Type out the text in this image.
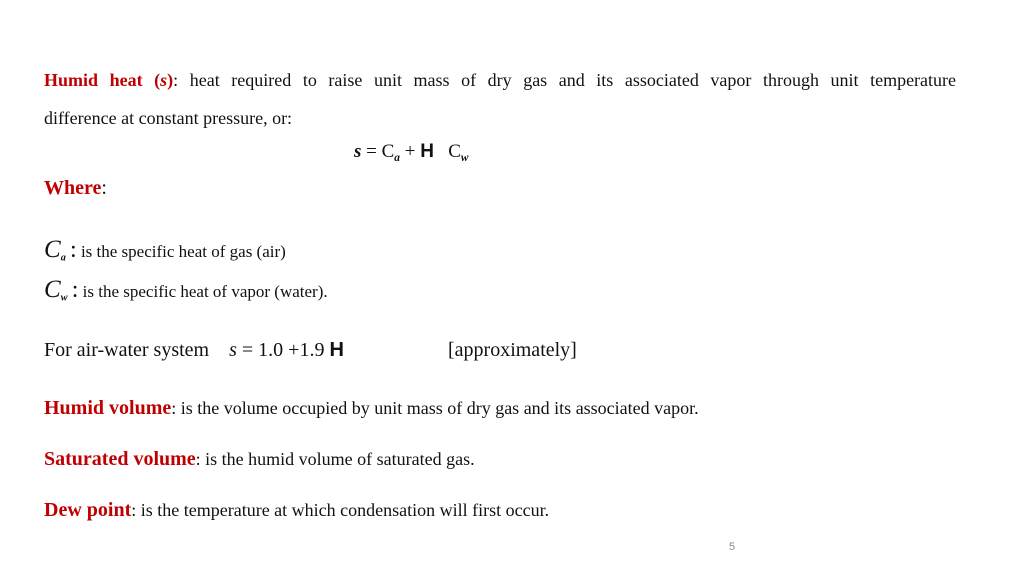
Humid heat (s): heat required to raise unit mass of dry gas and its associated vapor through unit temperature
difference at constant pressure, or:
$s = C_a + H$   $C_w$
Where:
$C_a$ : is the specific heat of gas (air)
$C_w$ : is the specific heat of vapor (water).
For air-water system s = 1.0 +1.9 H	[approximately]
Humid volume: is the volume occupied by unit mass of dry gas and its associated vapor.
Saturated volume: is the humid volume of saturated gas.
Dew point: is the temperature at which condensation will first occur.
5
